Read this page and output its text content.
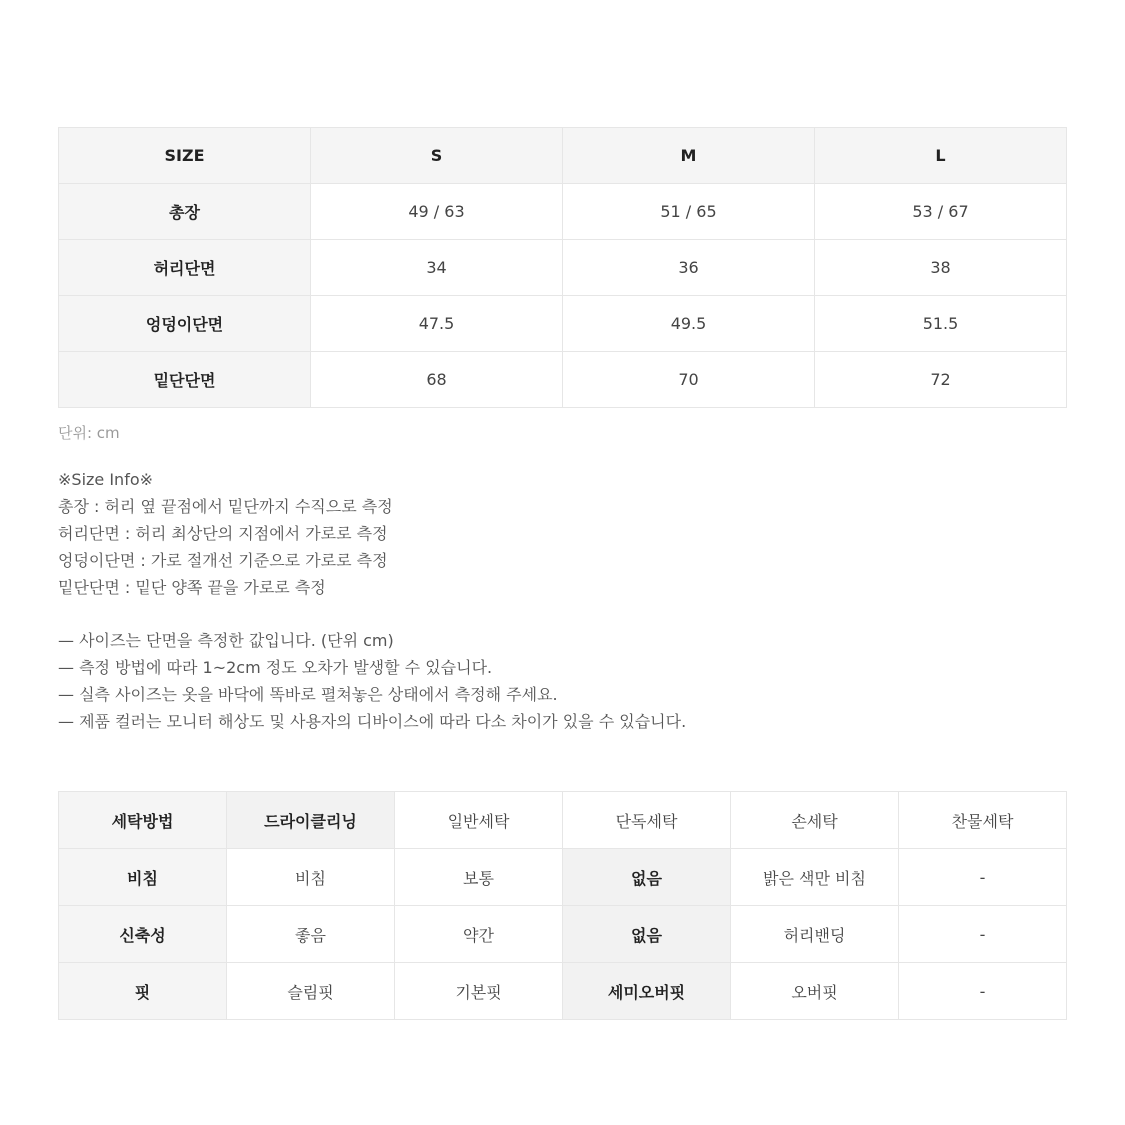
SIZE	S	M	L
총장	49 / 63	51 / 65	53 / 67
허리단면	34	36	38
엉덩이단면	47.5	49.5	51.5
밑단단면	68	70	72
단위: cm
※Size Info※
총장 : 허리 옆 끝점에서 밑단까지 수직으로 측정
허리단면 : 허리 최상단의 지점에서 가로로 측정
엉덩이단면 : 가로 절개선 기준으로 가로로 측정
밑단단면 : 밑단 양쪽 끝을 가로로 측정
— 사이즈는 단면을 측정한 값입니다. (단위 cm)
— 측정 방법에 따라 1~2cm 정도 오차가 발생할 수 있습니다.
— 실측 사이즈는 옷을 바닥에 똑바로 펼쳐놓은 상태에서 측정해 주세요.
— 제품 컬러는 모니터 해상도 및 사용자의 디바이스에 따라 다소 차이가 있을 수 있습니다.
세탁방법	드라이클리닝	일반세탁	단독세탁	손세탁	찬물세탁
비침	비침	보통	없음	밝은 색만 비침	-
신축성	좋음	약간	없음	허리밴딩	-
핏	슬림핏	기본핏	세미오버핏	오버핏	-
